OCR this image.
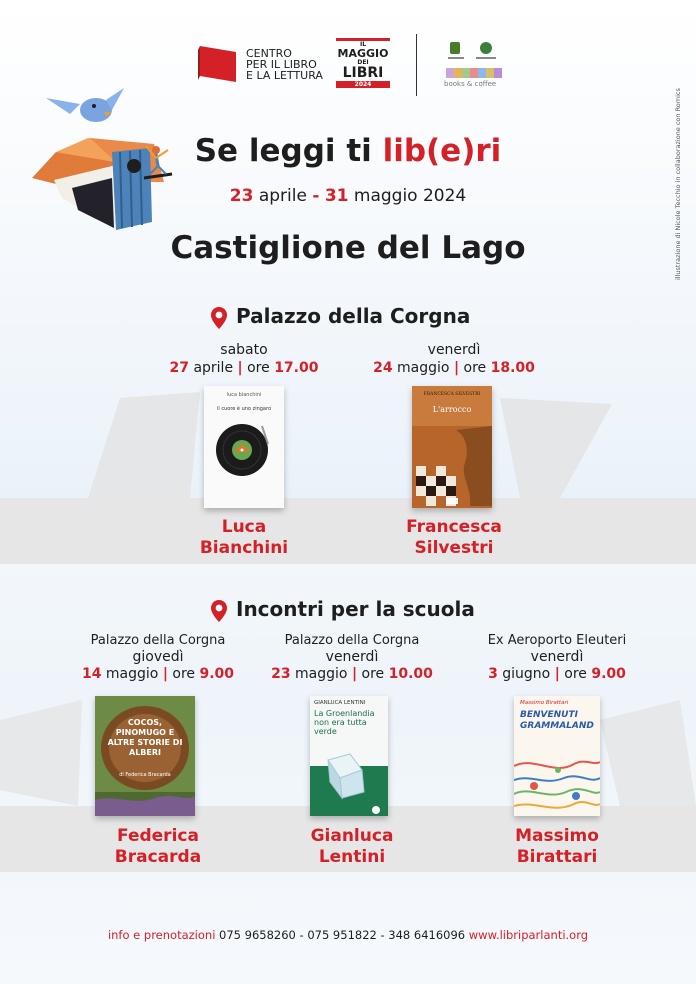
CENTRO
PER IL LIBRO
E LA LETTURA
IL
MAGGIO
DEI
LIBRI
2024	books & coffee
illustrazione di Nicole Tecchio in collaborazione con Romics
Se leggi ti lib(e)ri
23 aprile - 31 maggio 2024
Castiglione del Lago
Palazzo della Corgna
sabato
27 aprile | ore 17.00
luca bianchini
il cuore è uno zingaro
Luca
Bianchini
venerdì
24 maggio | ore 18.00
FRANCESCA SILVESTRI
L'arrocco
Francesca
Silvestri
Incontri per la scuola
Palazzo della Corgna
giovedì
14 maggio | ore 9.00
COCOS, PINOMUGO E ALTRE STORIE DI ALBERI
di Federica Bracarda
Federica
Bracarda
Palazzo della Corgna
venerdì
23 maggio | ore 10.00
GIANLUCA LENTINI
La Groenlandia non era tutta verde
Gianluca
Lentini
Ex Aeroporto Eleuteri
venerdì
3 giugno | ore 9.00
Massimo Birattari
BENVENUTI GRAMMALAND
Massimo
Birattari
info e prenotazioni 075 9658260 - 075 951822 - 348 6416096 www.libriparlanti.org
